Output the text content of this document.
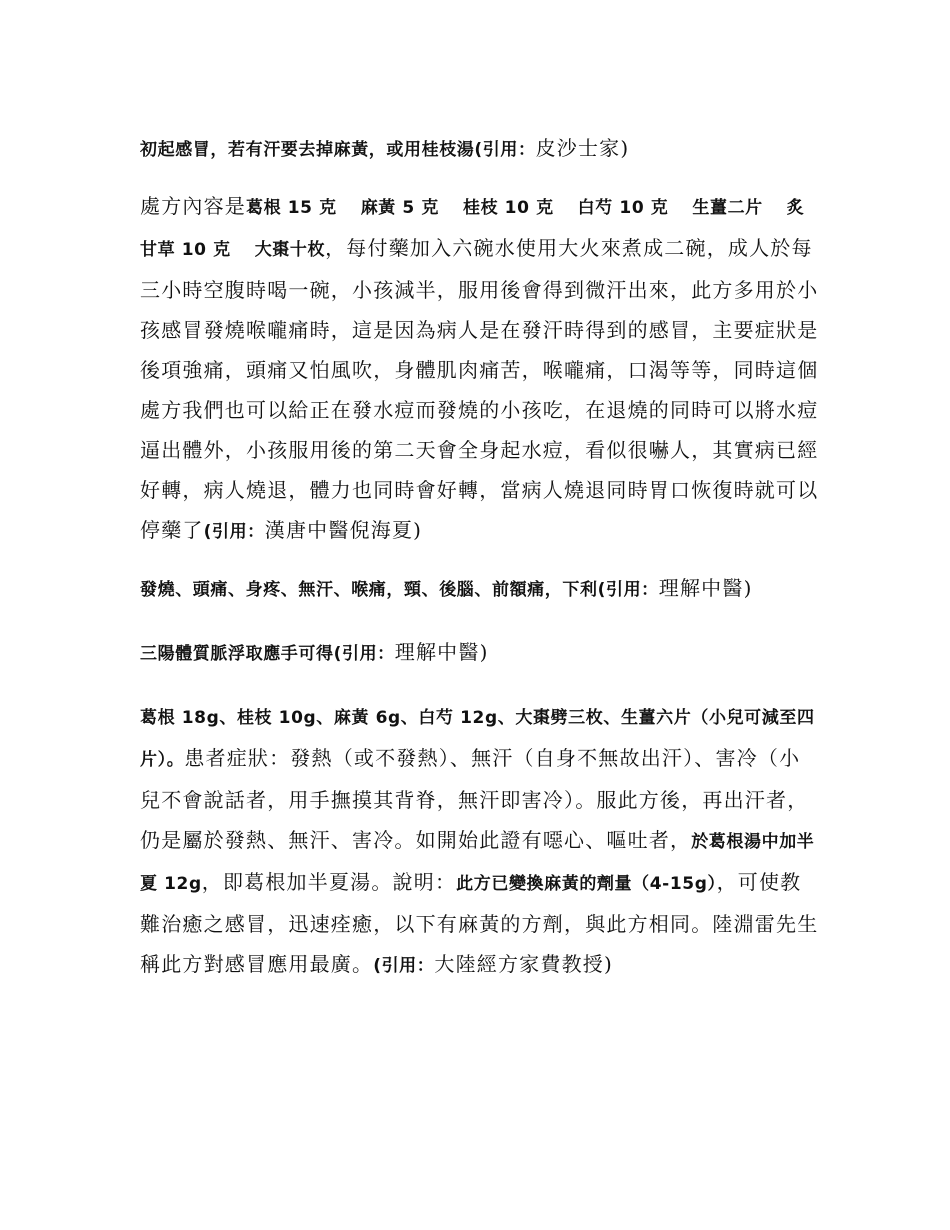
初起感冒，若有汗要去掉麻黃，或用桂枝湯(引用：皮沙士家)

處方內容是葛根 15 克 麻黃 5 克 桂枝 10 克 白芍 10 克 生薑二片 炙甘草 10 克 大棗十枚，每付藥加入六碗水使用大火來煮成二碗，成人於每三小時空腹時喝一碗，小孩減半，服用後會得到微汗出來，此方多用於小孩感冒發燒喉嚨痛時，這是因為病人是在發汗時得到的感冒，主要症狀是後項強痛，頭痛又怕風吹，身體肌肉痛苦，喉嚨痛，口渴等等，同時這個處方我們也可以給正在發水痘而發燒的小孩吃，在退燒的同時可以將水痘逼出體外，小孩服用後的第二天會全身起水痘，看似很嚇人，其實病已經好轉，病人燒退，體力也同時會好轉，當病人燒退同時胃口恢復時就可以停藥了(引用：漢唐中醫倪海夏)

發燒、頭痛、身疼、無汗、喉痛，頸、後腦、前額痛，下利(引用：理解中醫)

三陽體質脈浮取應手可得(引用：理解中醫)

葛根 18g、桂枝 10g、麻黃 6g、白芍 12g、大棗劈三枚、生薑六片（小兒可減至四片）。患者症狀：發熱（或不發熱）、無汗（自身不無故出汗）、害冷（小兒不會說話者，用手撫摸其背脊，無汗即害冷）。服此方後，再出汗者，仍是屬於發熱、無汗、害冷。如開始此證有噁心、嘔吐者，於葛根湯中加半夏 12g，即葛根加半夏湯。說明：此方已變換麻黃的劑量（4-15g），可使教難治癒之感冒，迅速痊癒，以下有麻黃的方劑，與此方相同。陸淵雷先生稱此方對感冒應用最廣。(引用：大陸經方家費教授)
